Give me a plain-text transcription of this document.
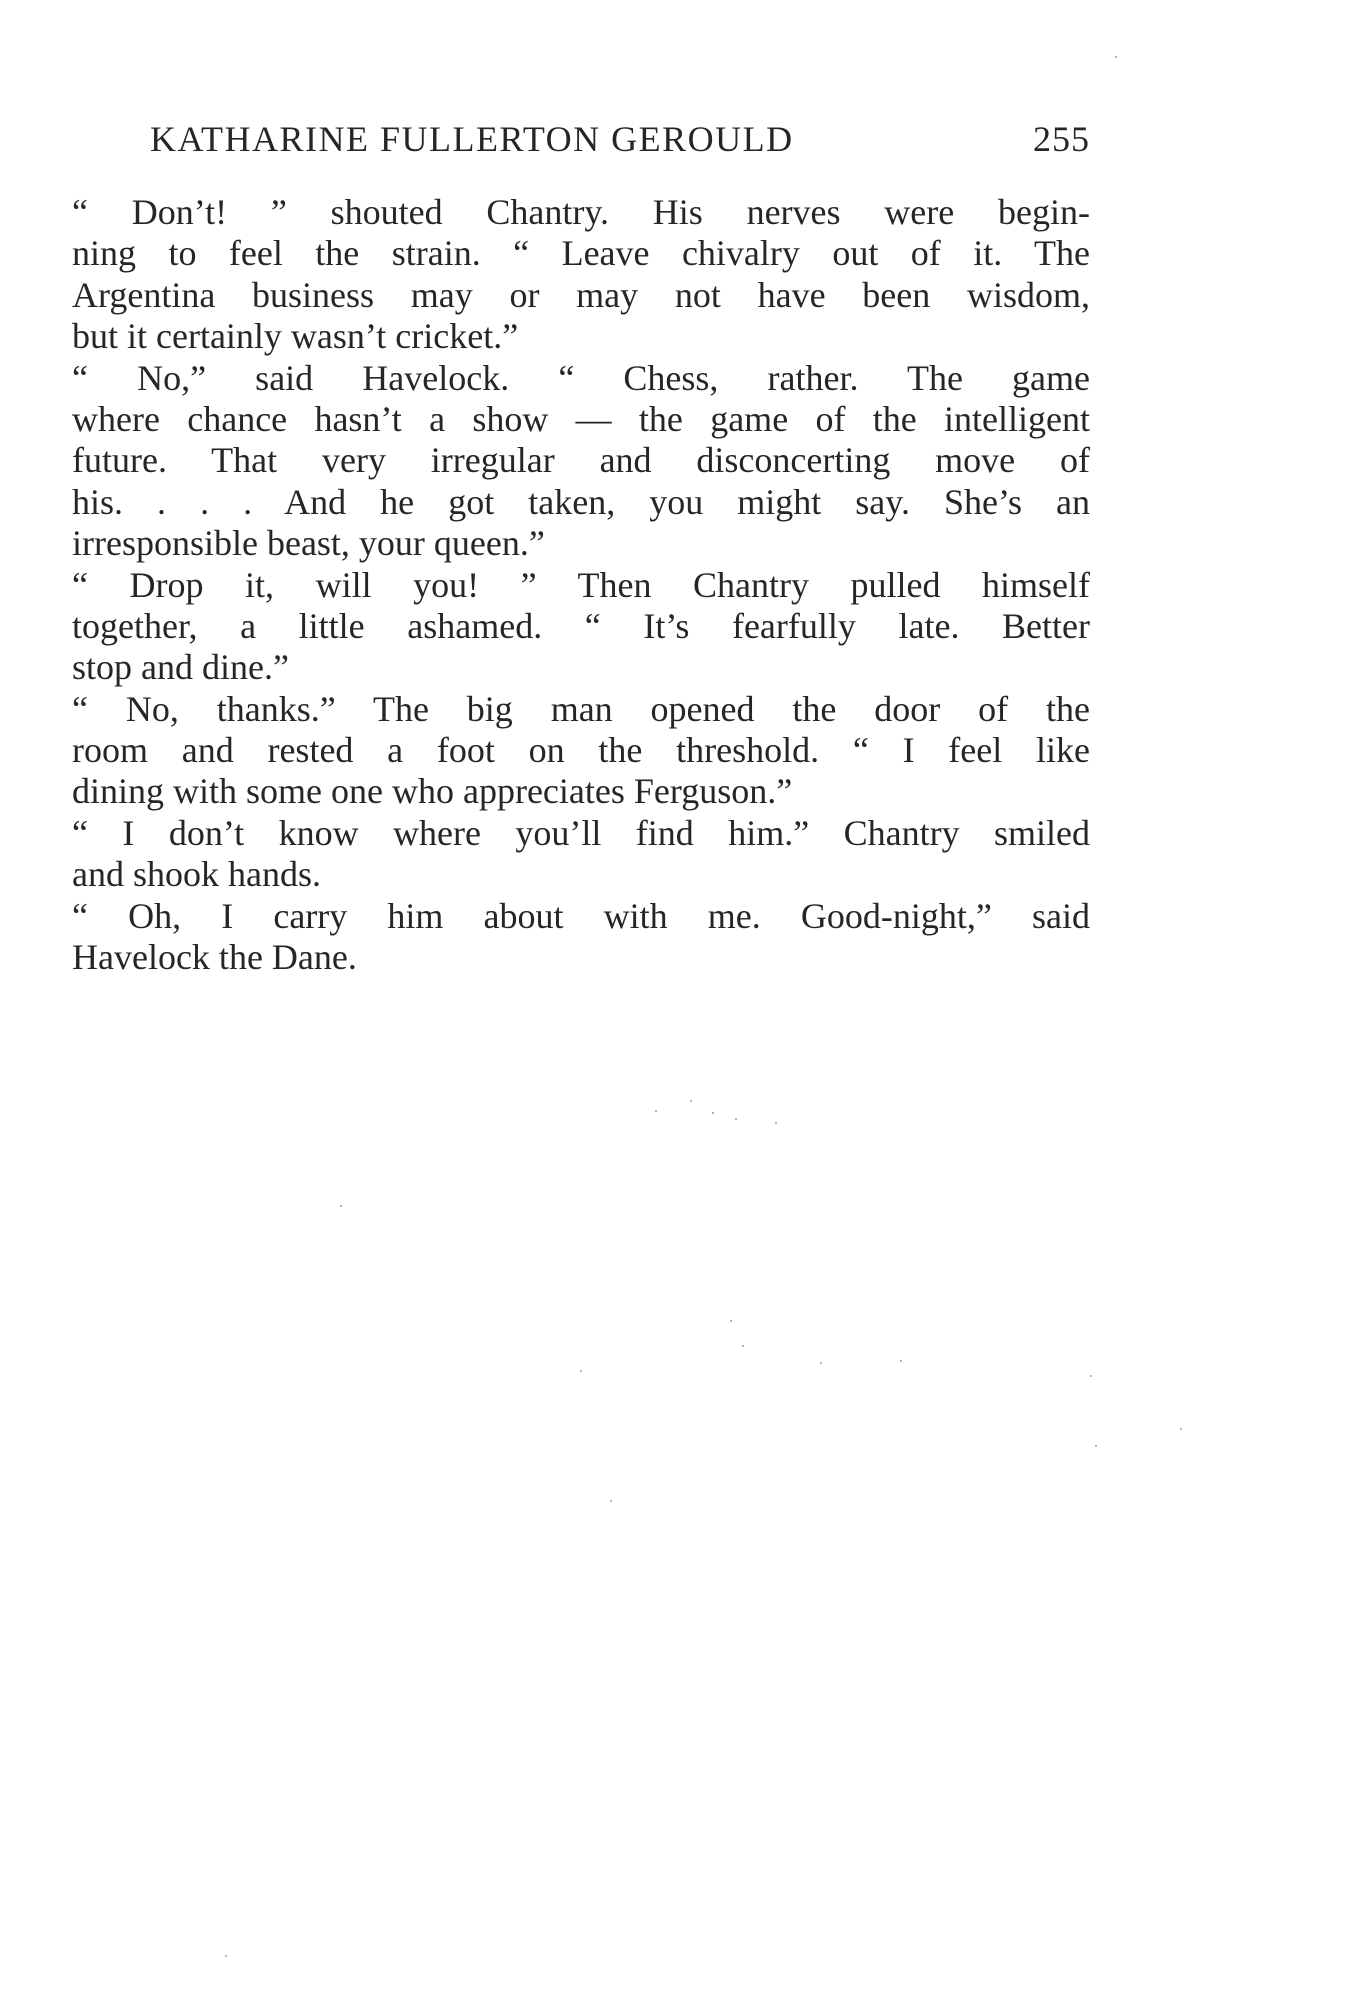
KATHARINE FULLERTON GEROULD	255
“ Don’t! ” shouted Chantry. His nerves were begin-
ning to feel the strain. “ Leave chivalry out of it. The
Argentina business may or may not have been wisdom,
but it certainly wasn’t cricket.”
“ No,” said Havelock. “ Chess, rather. The game
where chance hasn’t a show — the game of the intelligent
future. That very irregular and disconcerting move of
his. . . . And he got taken, you might say. She’s an
irresponsible beast, your queen.”
“ Drop it, will you! ” Then Chantry pulled himself
together, a little ashamed. “ It’s fearfully late. Better
stop and dine.”
“ No, thanks.” The big man opened the door of the
room and rested a foot on the threshold. “ I feel like
dining with some one who appreciates Ferguson.”
“ I don’t know where you’ll find him.” Chantry smiled
and shook hands.
“ Oh, I carry him about with me. Good-night,” said
Havelock the Dane.
